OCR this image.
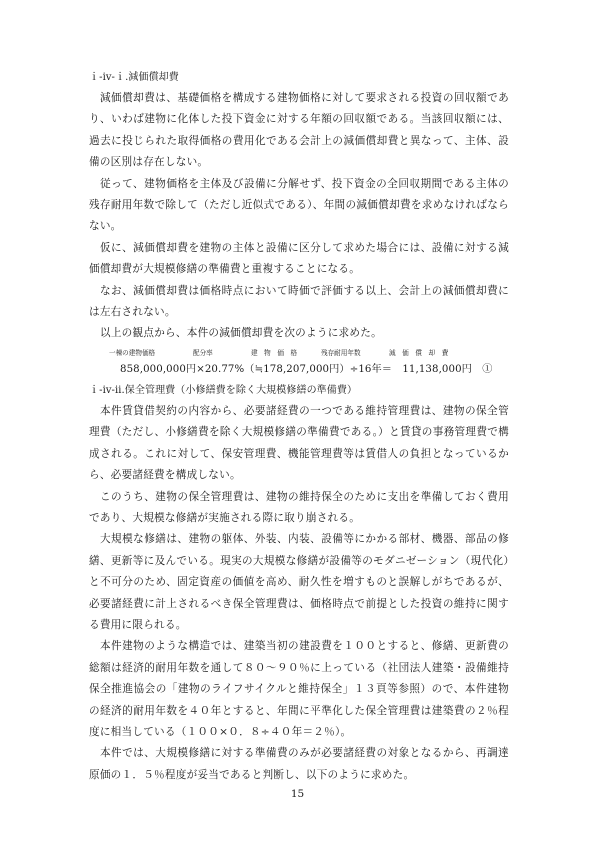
ｉ-ⅳ-ｉ.減価償却費

減価償却費は、基礎価格を構成する建物価格に対して要求される投資の回収額であり、いわば建物に化体した投下資金に対する年額の回収額である。当該回収額には、過去に投じられた取得価格の費用化である会計上の減価償却費と異なって、主体、設備の区別は存在しない。

従って、建物価格を主体及び設備に分解せず、投下資金の全回収期間である主体の残存耐用年数で除して（ただし近似式である）、年間の減価償却費を求めなければならない。

仮に、減価償却費を建物の主体と設備に区分して求めた場合には、設備に対する減価償却費が大規模修繕の準備費と重複することになる。

なお、減価償却費は価格時点において時価で評価する以上、会計上の減価償却費には左右されない。

以上の観点から、本件の減価償却費を次のように求めた。

一棟の建物価格	配分率	建　物　価　格	残存耐用年数	減　価　償　却　費
858,000,000円×20.77%（≒178,207,000円）÷16年＝　11,138,000円　①
ｉ-ⅳ-ⅱ.保全管理費（小修繕費を除く大規模修繕の準備費）

本件賃貸借契約の内容から、必要諸経費の一つである維持管理費は、建物の保全管理費（ただし、小修繕費を除く大規模修繕の準備費である。）と賃貸の事務管理費で構成される。これに対して、保安管理費、機能管理費等は賃借人の負担となっているから、必要諸経費を構成しない。

このうち、建物の保全管理費は、建物の維持保全のために支出を準備しておく費用であり、大規模な修繕が実施される際に取り崩される。

大規模な修繕は、建物の躯体、外装、内装、設備等にかかる部材、機器、部品の修繕、更新等に及んでいる。現実の大規模な修繕が設備等のモダニゼーション（現代化）と不可分のため、固定資産の価値を高め、耐久性を増すものと誤解しがちであるが、必要諸経費に計上されるべき保全管理費は、価格時点で前提とした投資の維持に関する費用に限られる。

本件建物のような構造では、建築当初の建設費を１００とすると、修繕、更新費の総額は経済的耐用年数を通して８０～９０％に上っている（社団法人建築・設備維持保全推進協会の「建物のライフサイクルと維持保全」１３頁等参照）ので、本件建物の経済的耐用年数を４０年とすると、年間に平準化した保全管理費は建築費の２％程度に相当している（１００×０．８÷４０年＝２％）。

本件では、大規模修繕に対する準備費のみが必要諸経費の対象となるから、再調達原価の１．５％程度が妥当であると判断し、以下のように求めた。

15
